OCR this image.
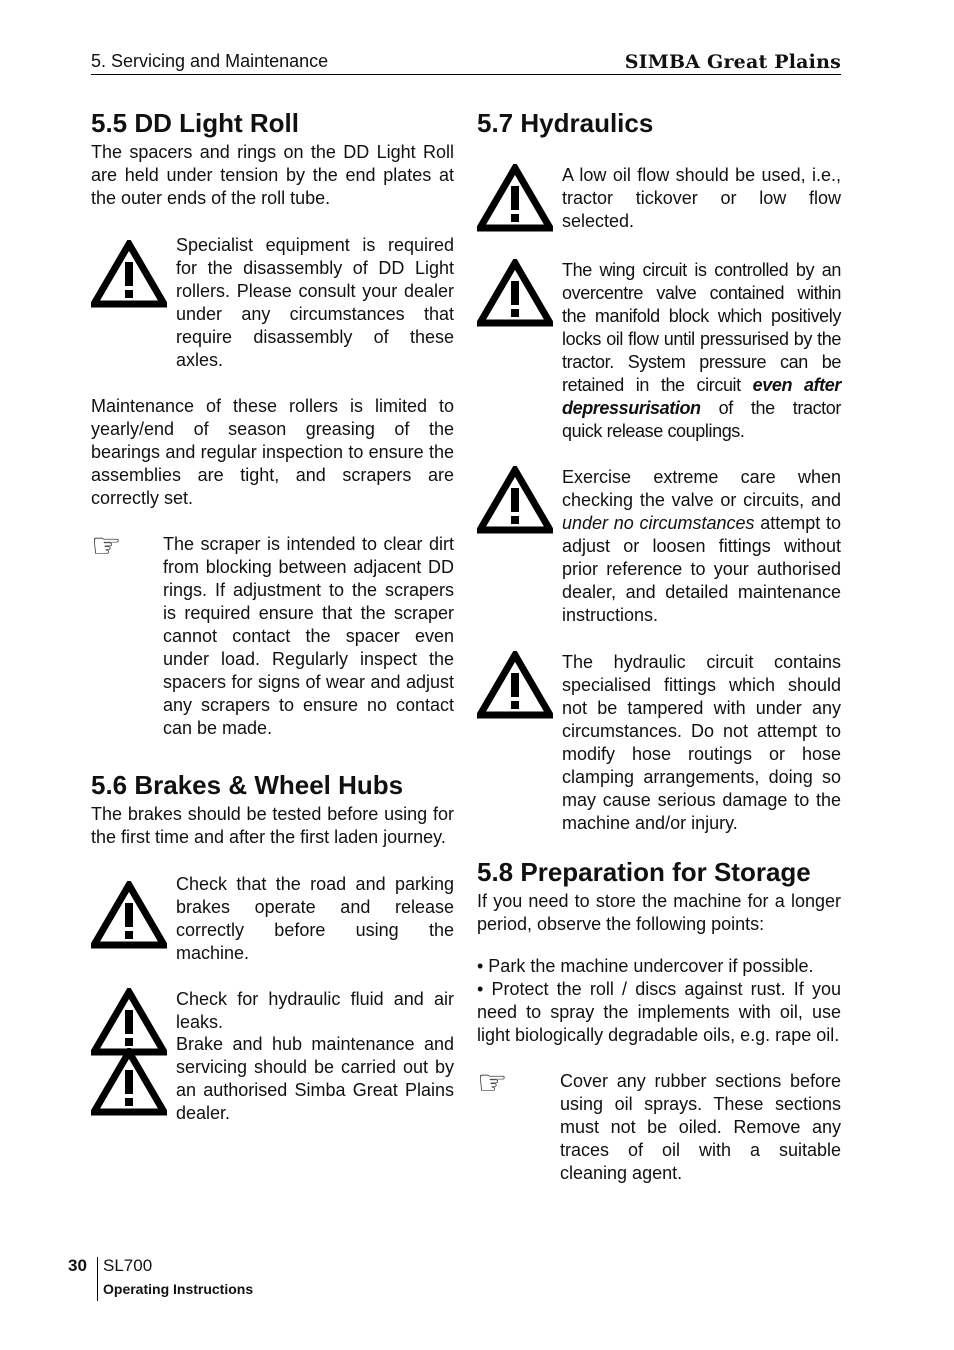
5. Servicing and Maintenance	SIMBA Great Plains
5.5 DD Light Roll

The spacers and rings on the DD Light Roll are held under tension by the end plates at the outer ends of the roll tube.

Specialist equipment is required for the disassembly of DD Light rollers. Please consult your dealer under any circumstances that require disassembly of these axles.

Maintenance of these rollers is limited to yearly/end of season greasing of the bearings and regular inspection to ensure the assemblies are tight, and scrapers are correctly set.

☞	The scraper is intended to clear dirt from blocking between adjacent DD rings. If adjustment to the scrapers is required ensure that the scraper cannot contact the spacer even under load. Regularly inspect the spacers for signs of wear and adjust any scrapers to ensure no contact can be made.

5.6 Brakes & Wheel Hubs

The brakes should be tested before using for the first time and after the first laden journey.

Check that the road and parking brakes operate and release correctly before using the machine.

Check for hydraulic fluid and air leaks.

Brake and hub maintenance and servicing should be carried out by an authorised Simba Great Plains dealer.

5.7 Hydraulics

A low oil flow should be used, i.e., tractor tickover or low flow selected.

The wing circuit is controlled by an overcentre valve contained within the manifold block which positively locks oil flow until pressurised by the tractor. System pressure can be retained in the circuit even after depressurisation of the tractor quick release couplings.

Exercise extreme care when checking the valve or circuits, and under no circumstances attempt to adjust or loosen fittings without prior reference to your authorised dealer, and detailed maintenance instructions.

The hydraulic circuit contains specialised fittings which should not be tampered with under any circumstances. Do not attempt to modify hose routings or hose clamping arrangements, doing so may cause serious damage to the machine and/or injury.

5.8 Preparation for Storage

If you need to store the machine for a longer period, observe the following points:

• Park the machine undercover if possible.

• Protect the roll / discs against rust. If you need to spray the implements with oil, use light biologically degradable oils, e.g. rape oil.

☞	Cover any rubber sections before using oil sprays. These sections must not be oiled. Remove any traces of oil with a suitable cleaning agent.

30 SL700
Operating Instructions
